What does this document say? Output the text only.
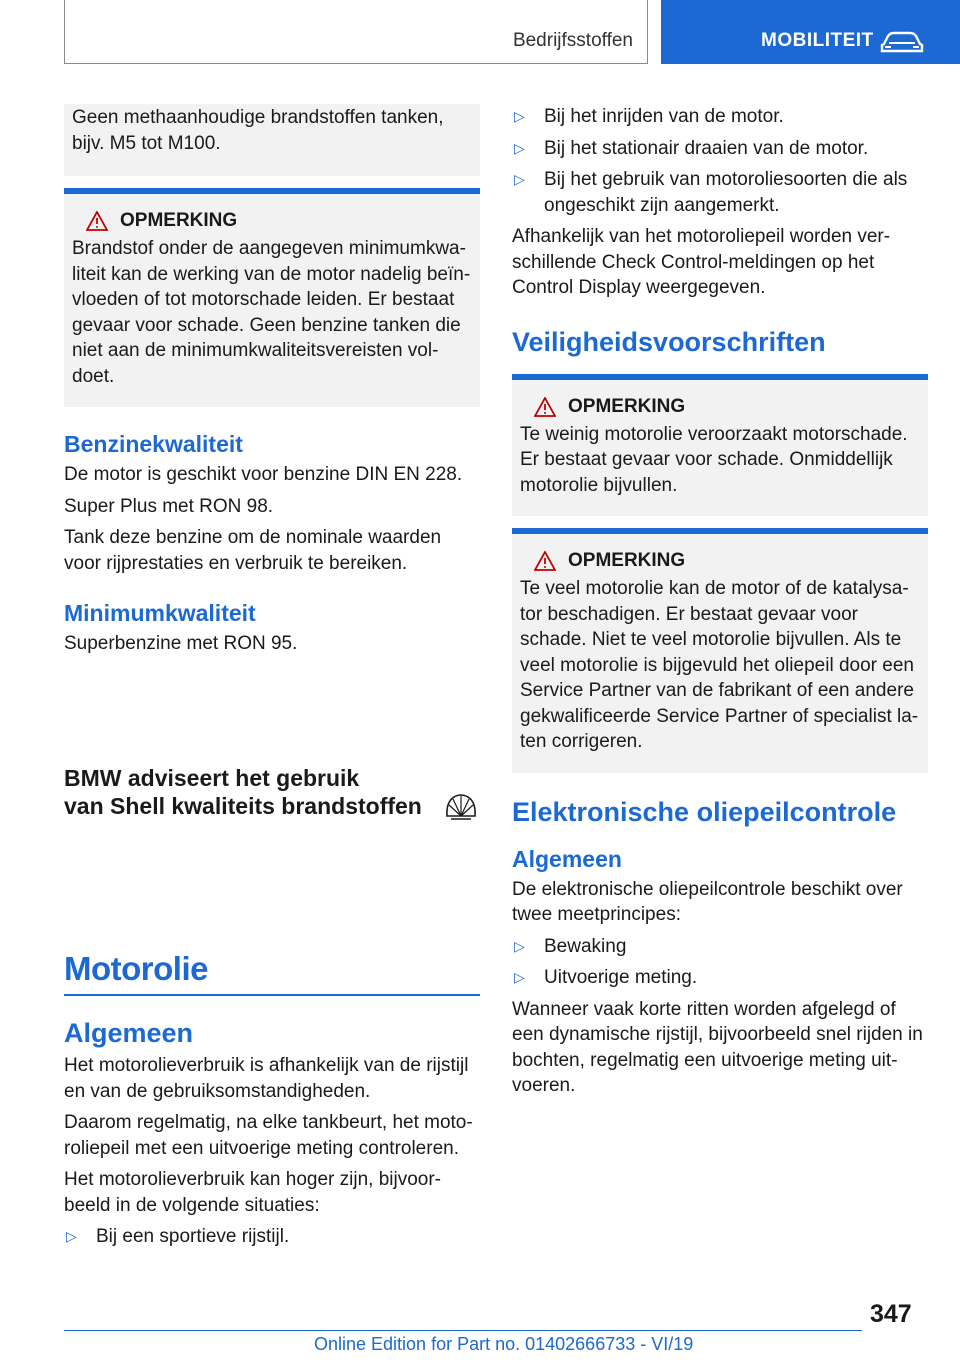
Bedrijfsstoffen	MOBILITEIT

Geen methaanhoudige brandstoffen tanken, bijv. M5 tot M100.

OPMERKING

Brandstof onder de aangegeven minimumkwaliteit kan de werking van de motor nadelig beïnvloeden of tot motorschade leiden. Er bestaat gevaar voor schade. Geen benzine tanken die niet aan de minimumkwaliteitsvereisten voldoet.

Benzinekwaliteit

De motor is geschikt voor benzine DIN EN 228.

Super Plus met RON 98.

Tank deze benzine om de nominale waarden voor rijprestaties en verbruik te bereiken.

Minimumkwaliteit

Superbenzine met RON 95.

BMW adviseert het gebruik
van Shell kwaliteits brandstoffen
Motorolie
Algemeen

Het motorolieverbruik is afhankelijk van de rijstijl en van de gebruiksomstandigheden.

Daarom regelmatig, na elke tankbeurt, het motoroliepeil met een uitvoerige meting controleren.

Het motorolieverbruik kan hoger zijn, bijvoorbeeld in de volgende situaties:

▷	Bij een sportieve rijstijl.
▷	Bij het inrijden van de motor.
▷	Bij het stationair draaien van de motor.
▷	Bij het gebruik van motoroliesoorten die als ongeschikt zijn aangemerkt.

Afhankelijk van het motoroliepeil worden verschillende Check Control-meldingen op het Control Display weergegeven.

Veiligheidsvoorschriften
OPMERKING

Te weinig motorolie veroorzaakt motorschade. Er bestaat gevaar voor schade. Onmiddellijk motorolie bijvullen.

OPMERKING

Te veel motorolie kan de motor of de katalysator beschadigen. Er bestaat gevaar voor schade. Niet te veel motorolie bijvullen. Als te veel motorolie is bijgevuld het oliepeil door een Service Partner van de fabrikant of een andere gekwalificeerde Service Partner of specialist laten corrigeren.

Elektronische oliepeilcontrole
Algemeen

De elektronische oliepeilcontrole beschikt over twee meetprincipes:

▷	Bewaking
▷	Uitvoerige meting.

Wanneer vaak korte ritten worden afgelegd of een dynamische rijstijl, bijvoorbeeld snel rijden in bochten, regelmatig een uitvoerige meting uitvoeren.

347
Online Edition for Part no. 01402666733 - VI/19
